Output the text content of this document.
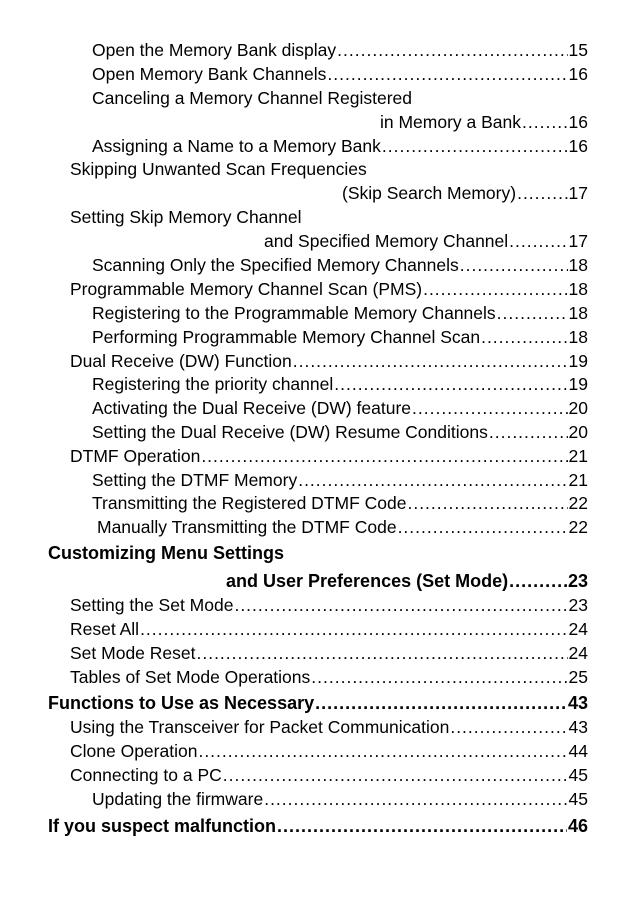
Open the Memory Bank display .....	15
Open Memory Bank Channels .....	16
Canceling a Memory Channel Registered
in Memory a Bank .....	16
Assigning a Name to a Memory Bank .....	16
Skipping Unwanted Scan Frequencies
(Skip Search Memory) .....	17
Setting Skip Memory Channel
and Specified Memory Channel .....	17
Scanning Only the Specified Memory Channels .....	18
Programmable Memory Channel Scan (PMS) .....	18
Registering to the Programmable Memory Channels .....	18
Performing Programmable Memory Channel Scan .....	18
Dual Receive (DW) Function .....	19
Registering the priority channel .....	19
Activating the Dual Receive (DW) feature .....	20
Setting the Dual Receive (DW) Resume Conditions .....	20
DTMF Operation .....	21
Setting the DTMF Memory .....	21
Transmitting the Registered DTMF Code .....	22
Manually Transmitting the DTMF Code .....	22
Customizing Menu Settings
and User Preferences (Set Mode) .....	23
Setting the Set Mode .....	23
Reset All .....	24
Set Mode Reset .....	24
Tables of Set Mode Operations .....	25
Functions to Use as Necessary .....	43
Using the Transceiver for Packet Communication .....	43
Clone Operation .....	44
Connecting to a PC .....	45
Updating the firmware .....	45
If you suspect malfunction .....	46
